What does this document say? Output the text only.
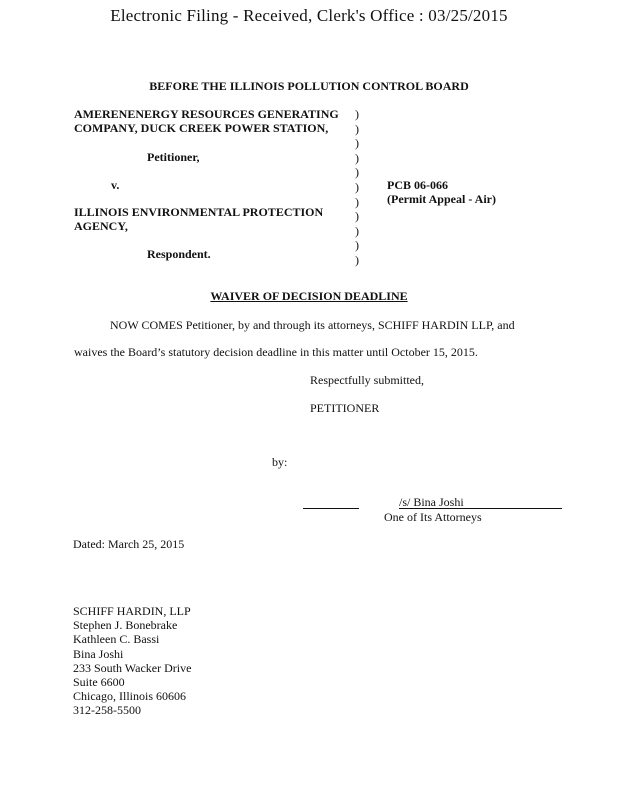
Electronic Filing - Received, Clerk's Office : 03/25/2015
BEFORE THE ILLINOIS POLLUTION CONTROL BOARD
AMERENENERGY RESOURCES GENERATING
COMPANY, DUCK CREEK POWER STATION,
Petitioner,
v.
ILLINOIS ENVIRONMENTAL PROTECTION
AGENCY,
Respondent.
)
)
)
)
)
)
)
)
)
)
)
PCB 06-066
(Permit Appeal - Air)
WAIVER OF DECISION DEADLINE
NOW COMES Petitioner, by and through its attorneys, SCHIFF HARDIN LLP, and
waives the Board’s statutory decision deadline in this matter until October 15, 2015.
Respectfully submitted,
PETITIONER
by:
/s/ Bina Joshi
One of Its Attorneys
Dated: March 25, 2015
SCHIFF HARDIN, LLP
Stephen J. Bonebrake
Kathleen C. Bassi
Bina Joshi
233 South Wacker Drive
Suite 6600
Chicago, Illinois 60606
312-258-5500
